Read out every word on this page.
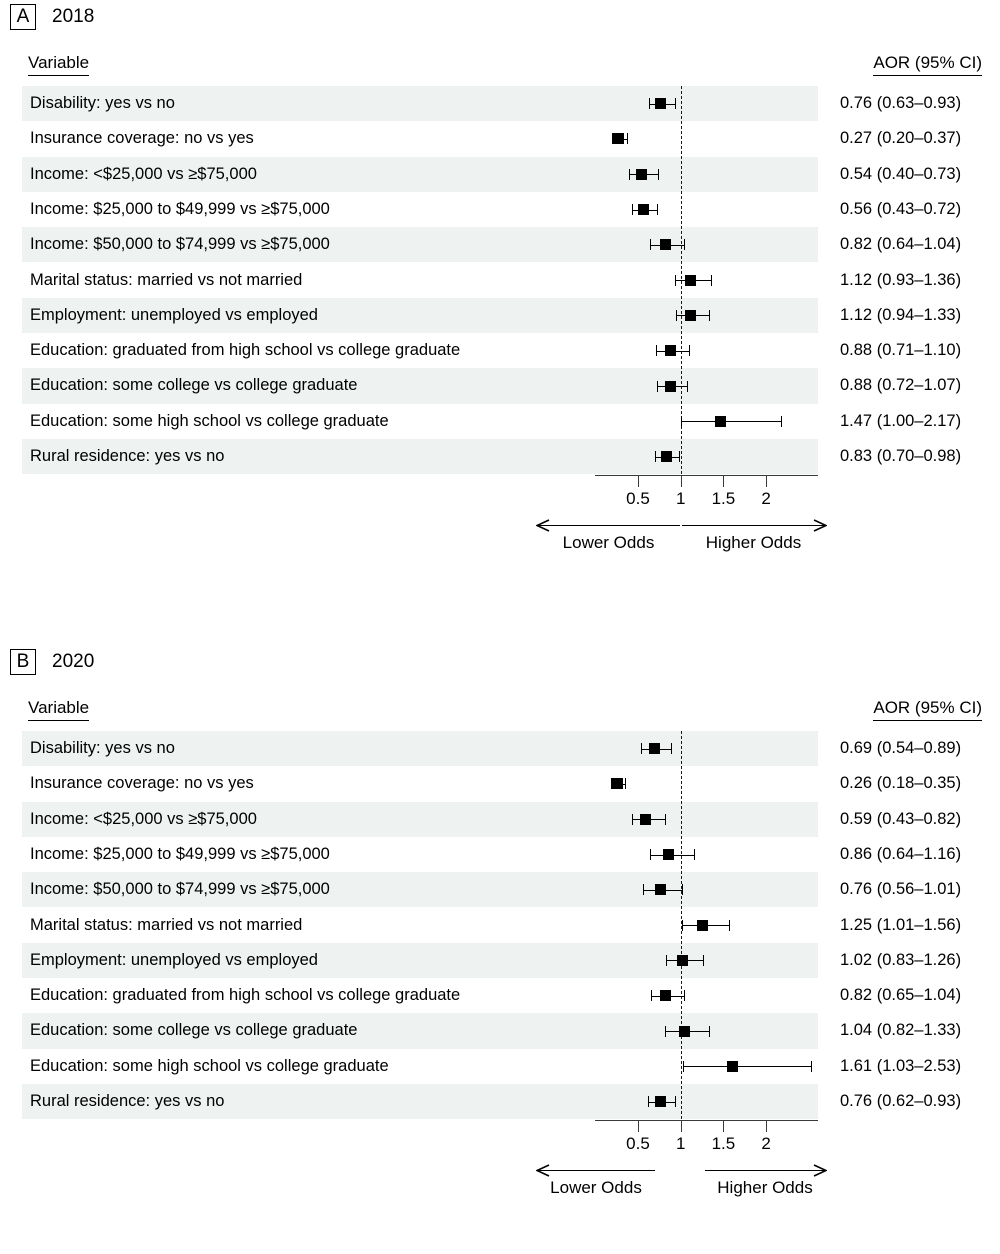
A	2018
Variable	AOR (95% CI)
Disability: yes vs no	0.76 (0.63–0.93)
Insurance coverage: no vs yes	0.27 (0.20–0.37)
Income: <$25,000 vs ≥$75,000	0.54 (0.40–0.73)
Income: $25,000 to $49,999 vs ≥$75,000	0.56 (0.43–0.72)
Income: $50,000 to $74,999 vs ≥$75,000	0.82 (0.64–1.04)
Marital status: married vs not married	1.12 (0.93–1.36)
Employment: unemployed vs employed	1.12 (0.94–1.33)
Education: graduated from high school vs college graduate	0.88 (0.71–1.10)
Education: some college vs college graduate	0.88 (0.72–1.07)
Education: some high school vs college graduate	1.47 (1.00–2.17)
Rural residence: yes vs no	0.83 (0.70–0.98)
0.5	1	1.5	2
Lower Odds	Higher Odds
B	2020
Variable	AOR (95% CI)
Disability: yes vs no	0.69 (0.54–0.89)
Insurance coverage: no vs yes	0.26 (0.18–0.35)
Income: <$25,000 vs ≥$75,000	0.59 (0.43–0.82)
Income: $25,000 to $49,999 vs ≥$75,000	0.86 (0.64–1.16)
Income: $50,000 to $74,999 vs ≥$75,000	0.76 (0.56–1.01)
Marital status: married vs not married	1.25 (1.01–1.56)
Employment: unemployed vs employed	1.02 (0.83–1.26)
Education: graduated from high school vs college graduate	0.82 (0.65–1.04)
Education: some college vs college graduate	1.04 (0.82–1.33)
Education: some high school vs college graduate	1.61 (1.03–2.53)
Rural residence: yes vs no	0.76 (0.62–0.93)
0.5	1	1.5	2
Lower Odds	Higher Odds
